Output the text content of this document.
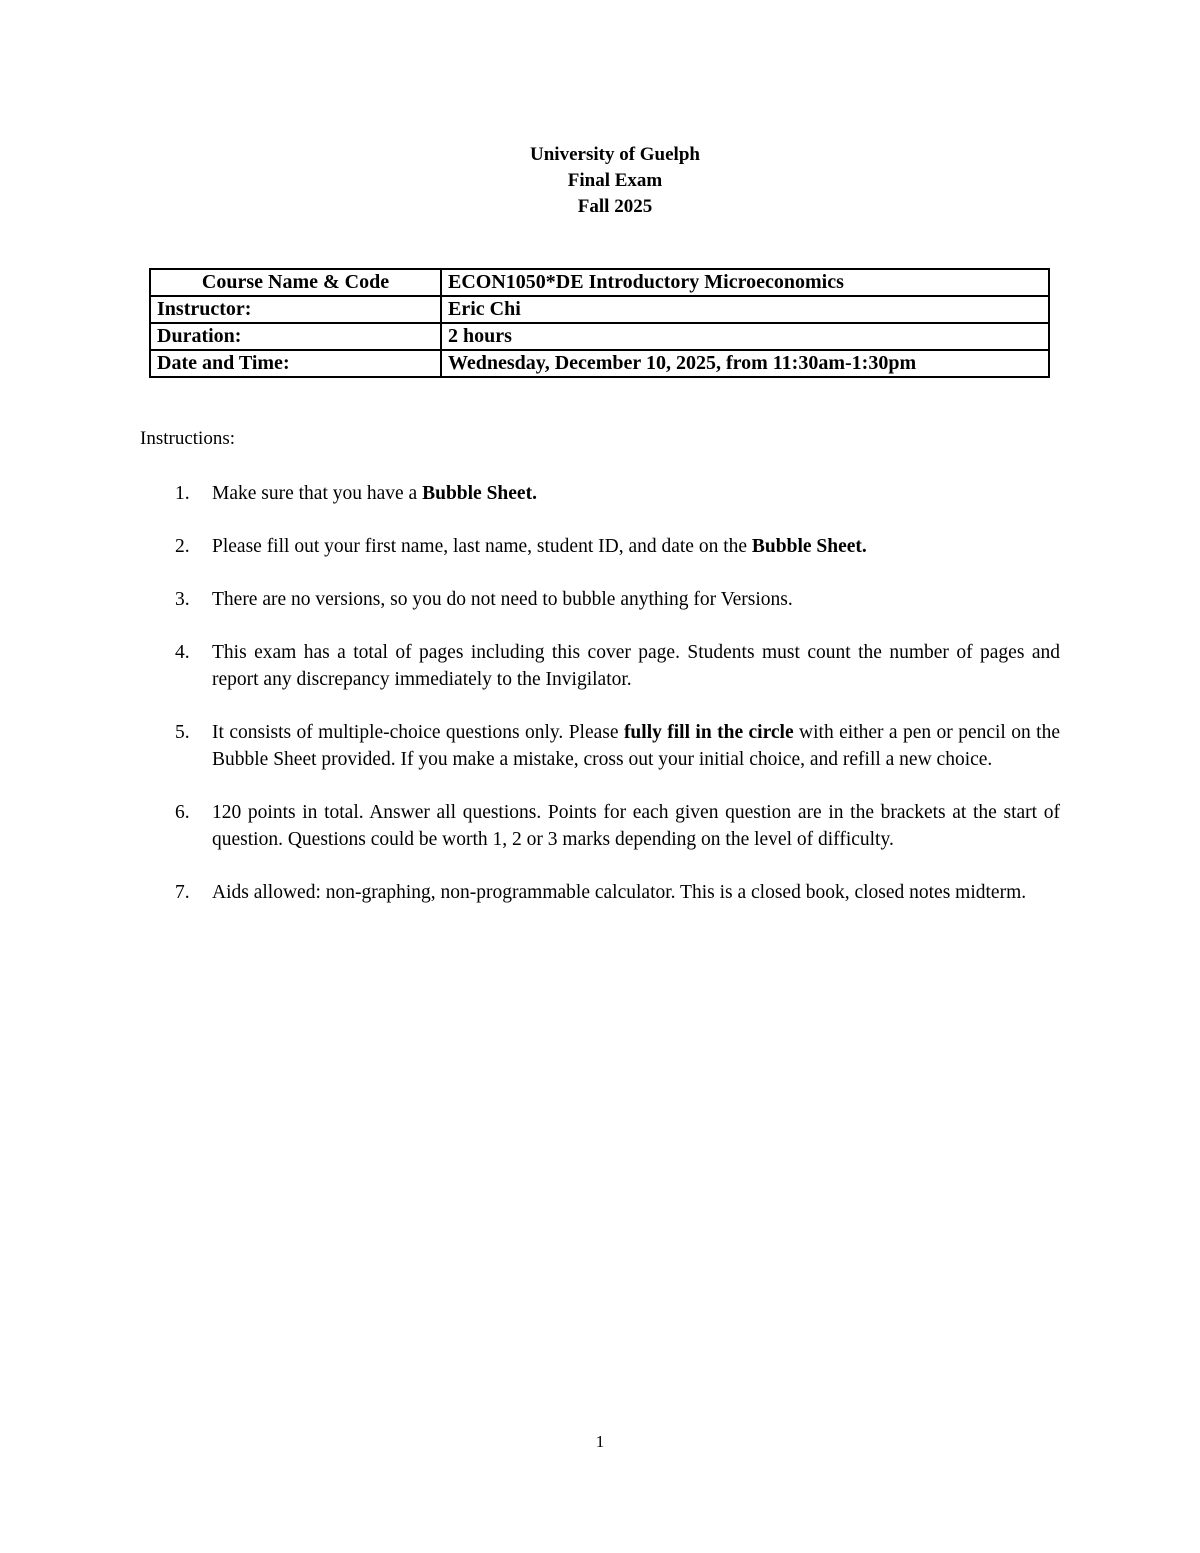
University of Guelph
Final Exam
Fall 2025
Course Name & Code	ECON1050*DE Introductory Microeconomics
Instructor:	Eric Chi
Duration:	2 hours
Date and Time:	Wednesday, December 10, 2025, from 11:30am-1:30pm
Instructions:
1. Make sure that you have a Bubble Sheet.
2. Please fill out your first name, last name, student ID, and date on the Bubble Sheet.
3. There are no versions, so you do not need to bubble anything for Versions.
4. This exam has a total of pages including this cover page. Students must count the number of pages and report any discrepancy immediately to the Invigilator.
5. It consists of multiple-choice questions only. Please fully fill in the circle with either a pen or pencil on the Bubble Sheet provided. If you make a mistake, cross out your initial choice, and refill a new choice.
6. 120 points in total. Answer all questions. Points for each given question are in the brackets at the start of question. Questions could be worth 1, 2 or 3 marks depending on the level of difficulty.
7. Aids allowed: non-graphing, non-programmable calculator. This is a closed book, closed notes midterm.
1
